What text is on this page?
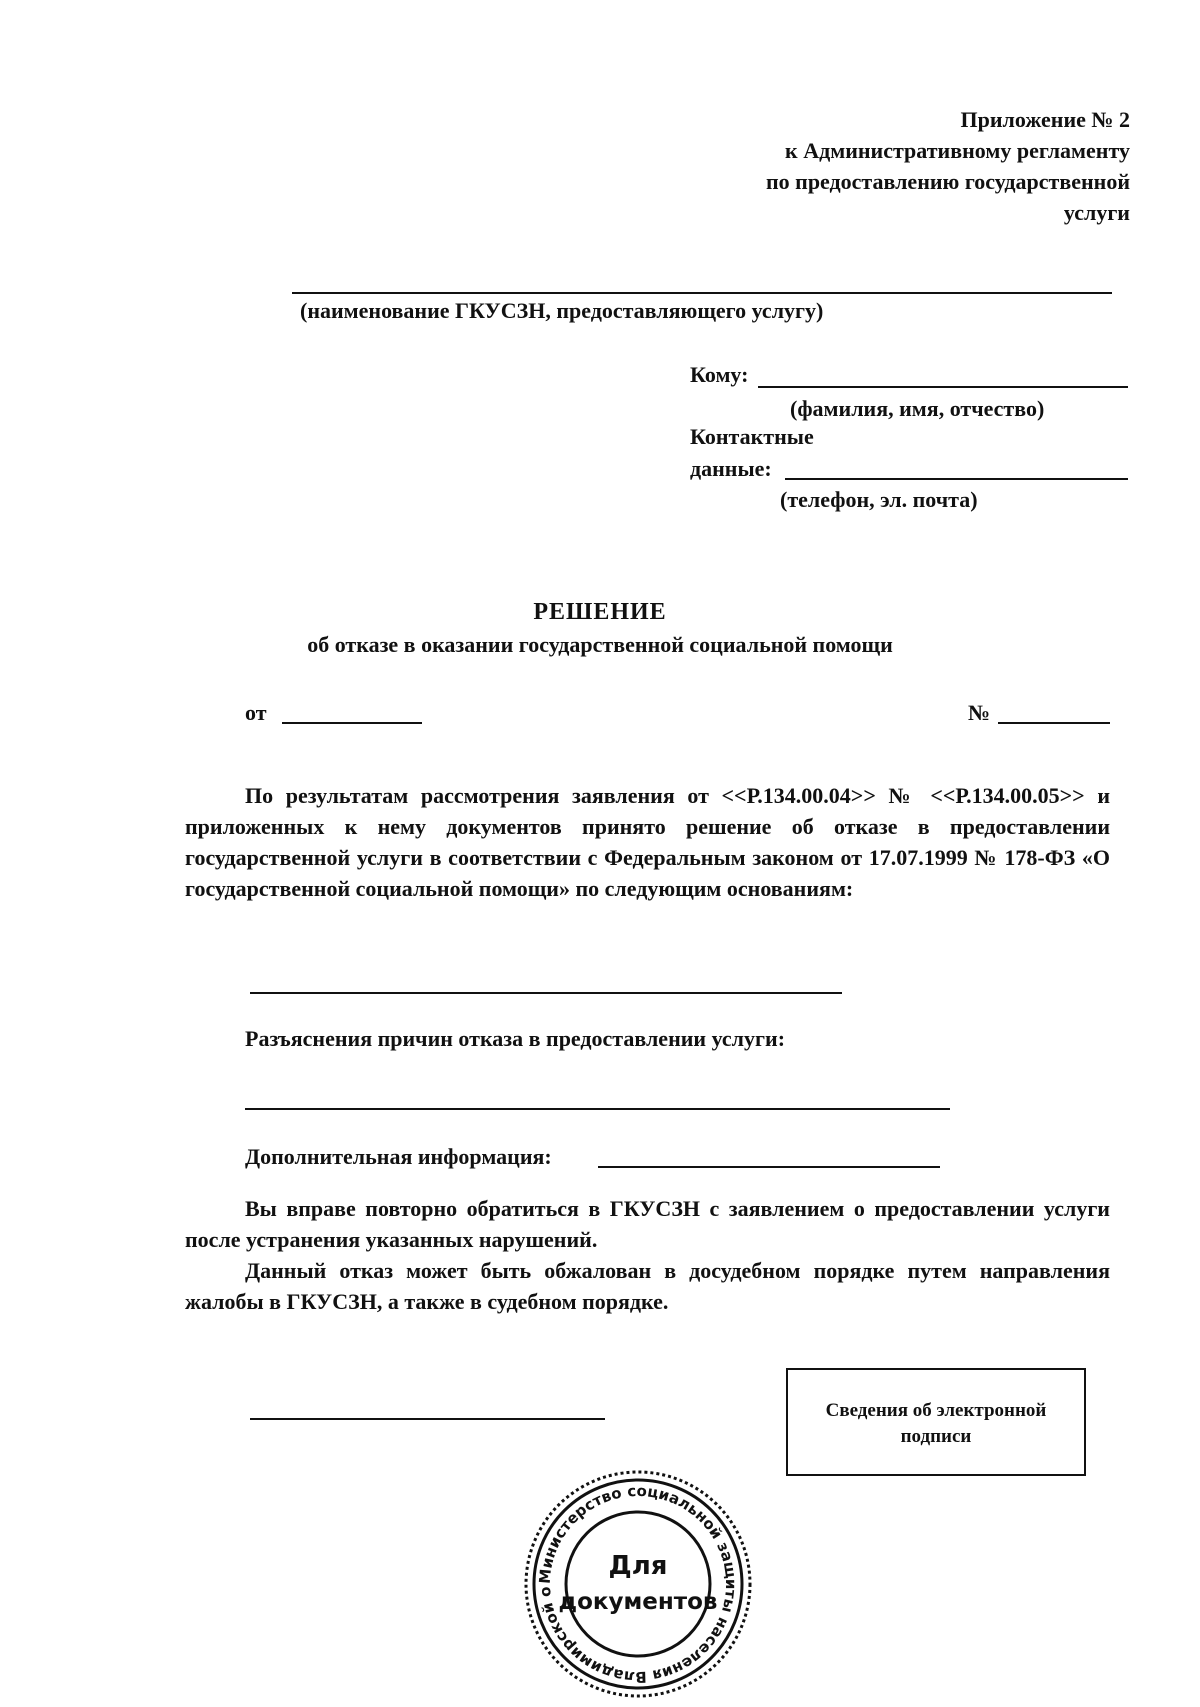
Приложение № 2
к Административному регламенту
по предоставлению государственной
услуги
(наименование ГКУСЗН, предоставляющего услугу)
Кому:
(фамилия, имя, отчество)
Контактные
данные:
(телефон, эл. почта)
РЕШЕНИЕ
об отказе в оказании государственной социальной помощи
от	№
По результатам рассмотрения заявления от <<Р.134.00.04>> № <<Р.134.00.05>> и приложенных к нему документов принято решение об отказе в предоставлении государственной услуги в соответствии с Федеральным законом от 17.07.1999 № 178-ФЗ «О государственной социальной помощи» по следующим основаниям:
Разъяснения причин отказа в предоставлении услуги:
Дополнительная информация:

Вы вправе повторно обратиться в ГКУСЗН с заявлением о предоставлении услуги после устранения указанных нарушений.

Данный отказ может быть обжалован в досудебном порядке путем направления жалобы в ГКУСЗН, а также в судебном порядке.

Сведения об электронной подписи
Министерство социальной защиты населения Владимирской о
Для
документов
